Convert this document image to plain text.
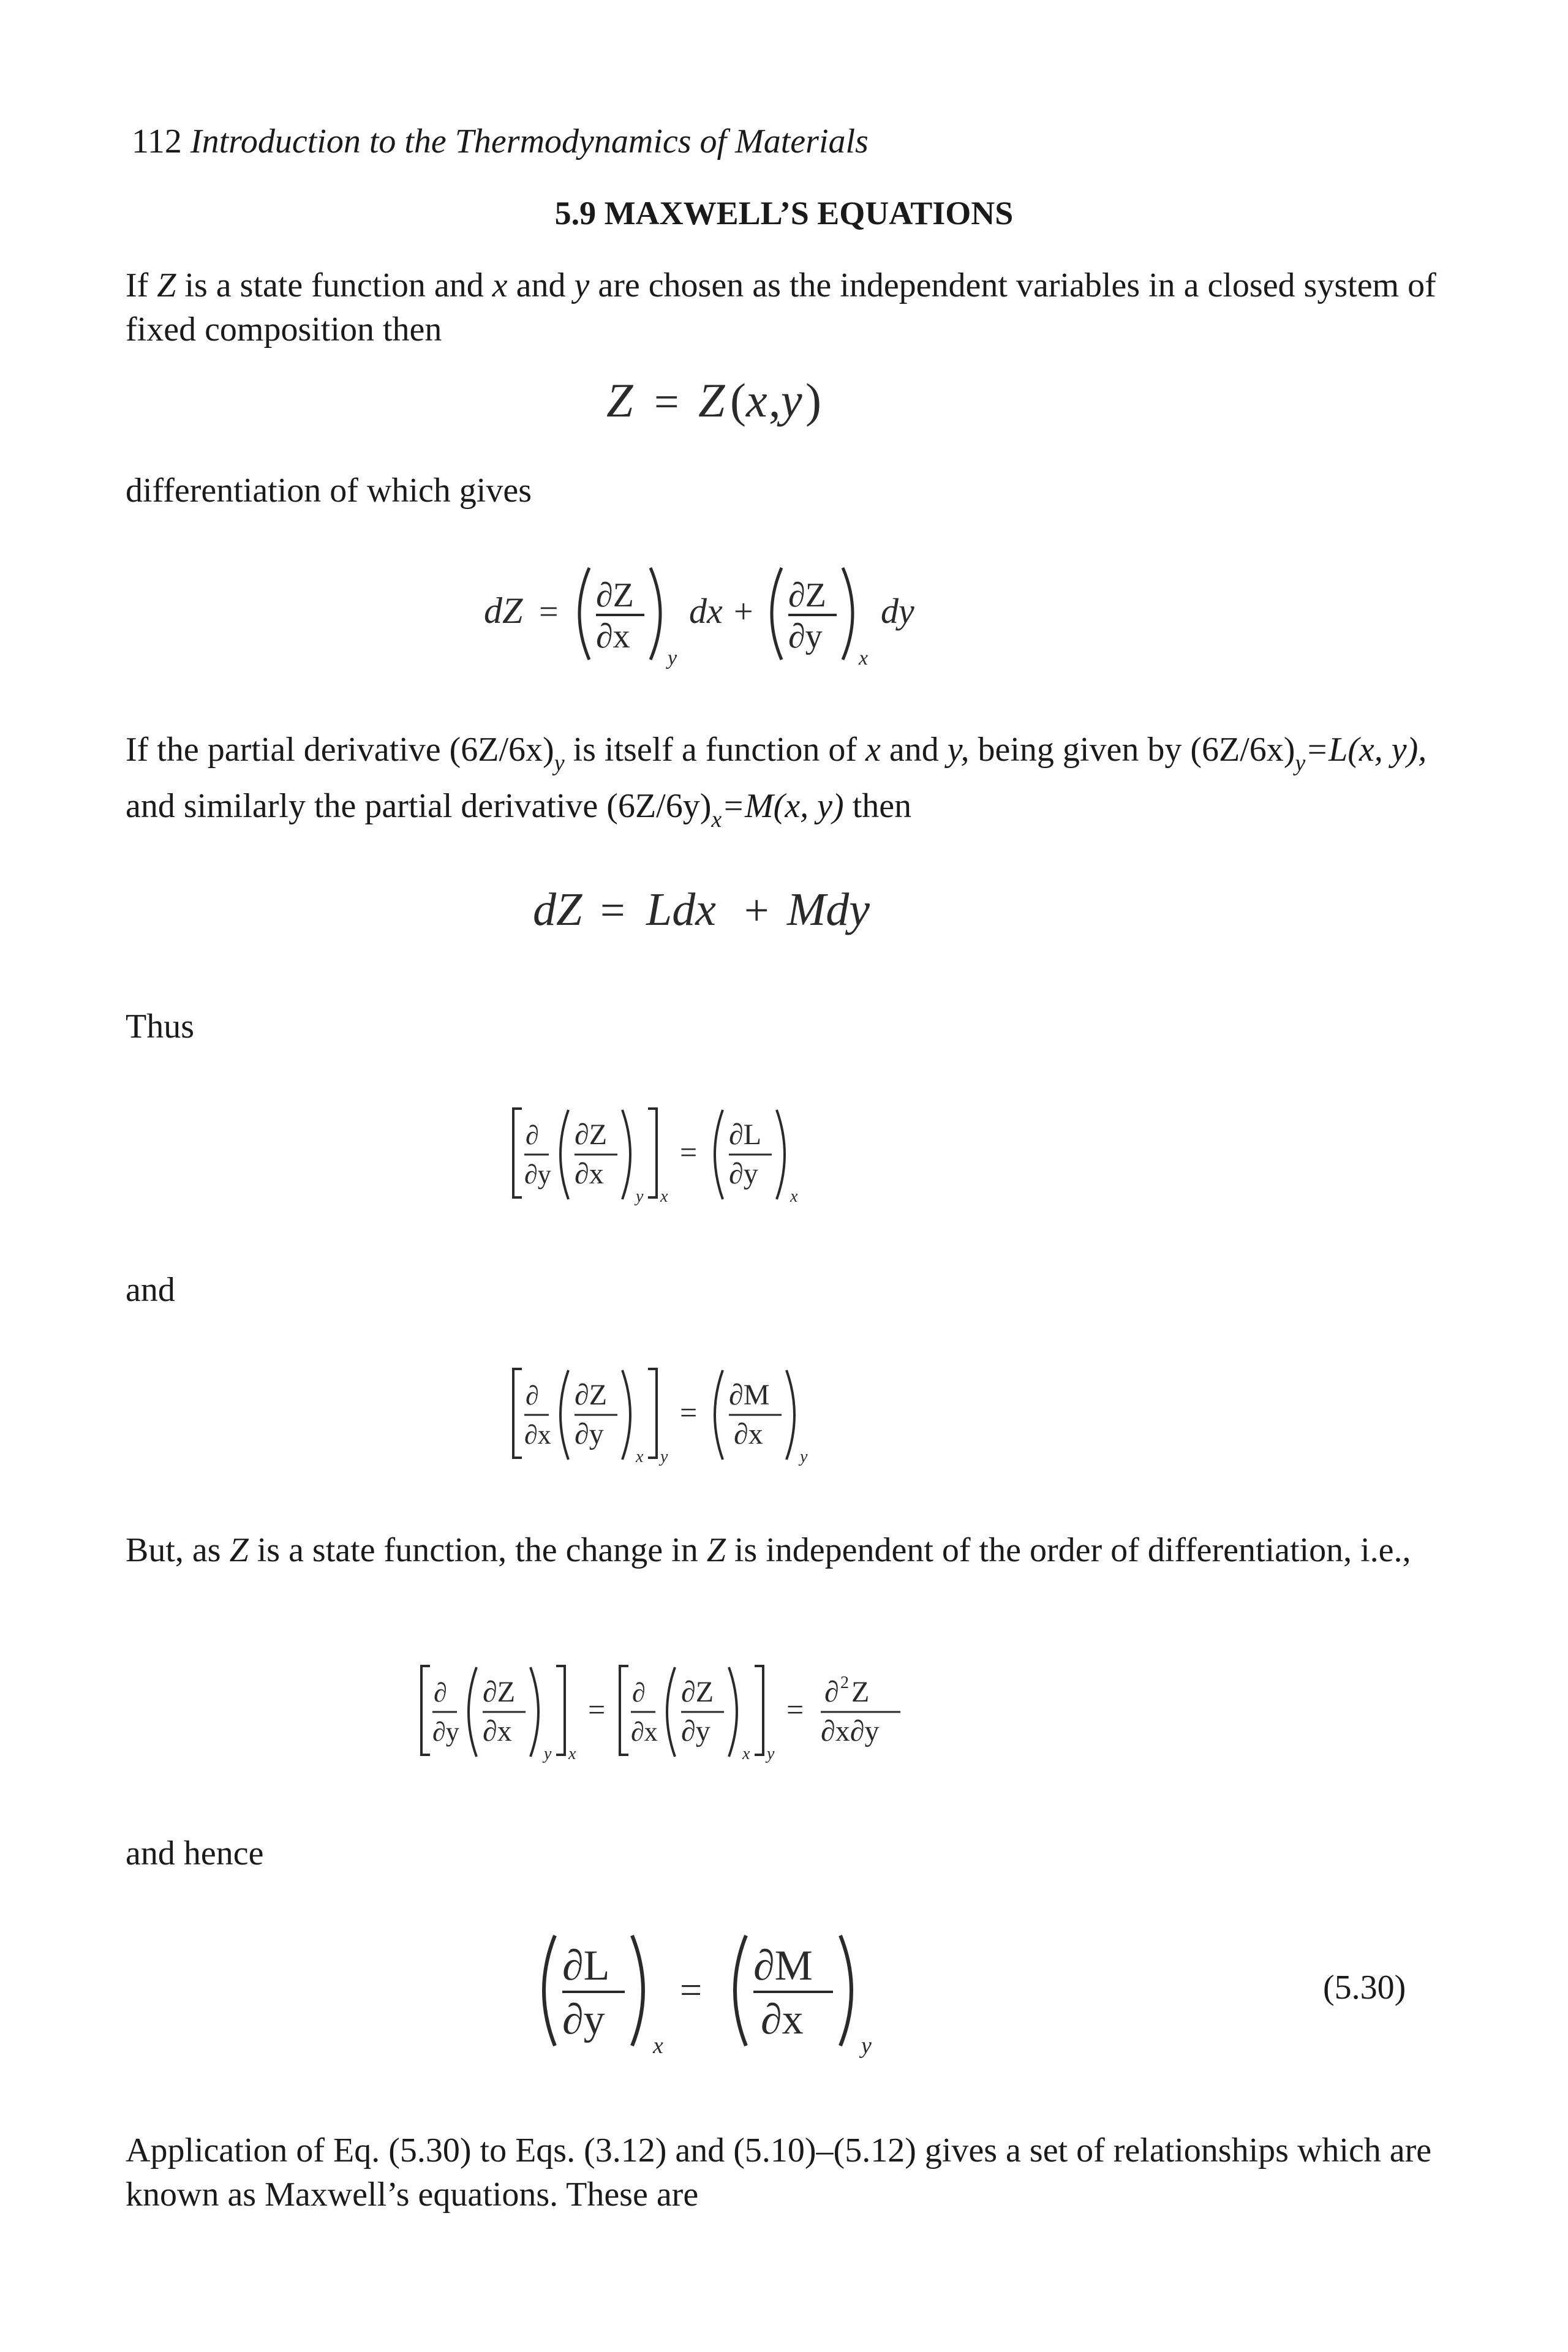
112 Introduction to the Thermodynamics of Materials
5.9 MAXWELL’S EQUATIONS
If Z is a state function and x and y are chosen as the independent variables in a closed system of fixed composition then
Z = Z ( x , y )
differentiation of which gives
dZ = ∂Z
∂x
y
dx + ∂Z
∂y
x
dy
If the partial derivative $(6Z/6x)_y$ is itself a function of x and y, being given by $(6Z/6x)_y=L(x$, y), and similarly the partial derivative $(6Z/6y)_x=M(x$, y) then
dZ = Ldx + Mdy
Thus
∂
∂y
∂Z
∂x
y x
=
∂L
∂y
x
and
∂
∂x
∂Z
∂y
x y
=
∂M
∂x
y
But, as Z is a state function, the change in Z is independent of the order of differentiation, i.e.,
∂
∂y
∂Z
∂x
y x
= ∂
∂x
∂Z
∂y
x y
=
∂ 2 Z
∂x∂y
and hence
∂L
∂y
x
=
∂M
∂x
y
(5.30)
Application of Eq. (5.30) to Eqs. (3.12) and (5.10)–(5.12) gives a set of relationships which are known as Maxwell’s equations. These are
